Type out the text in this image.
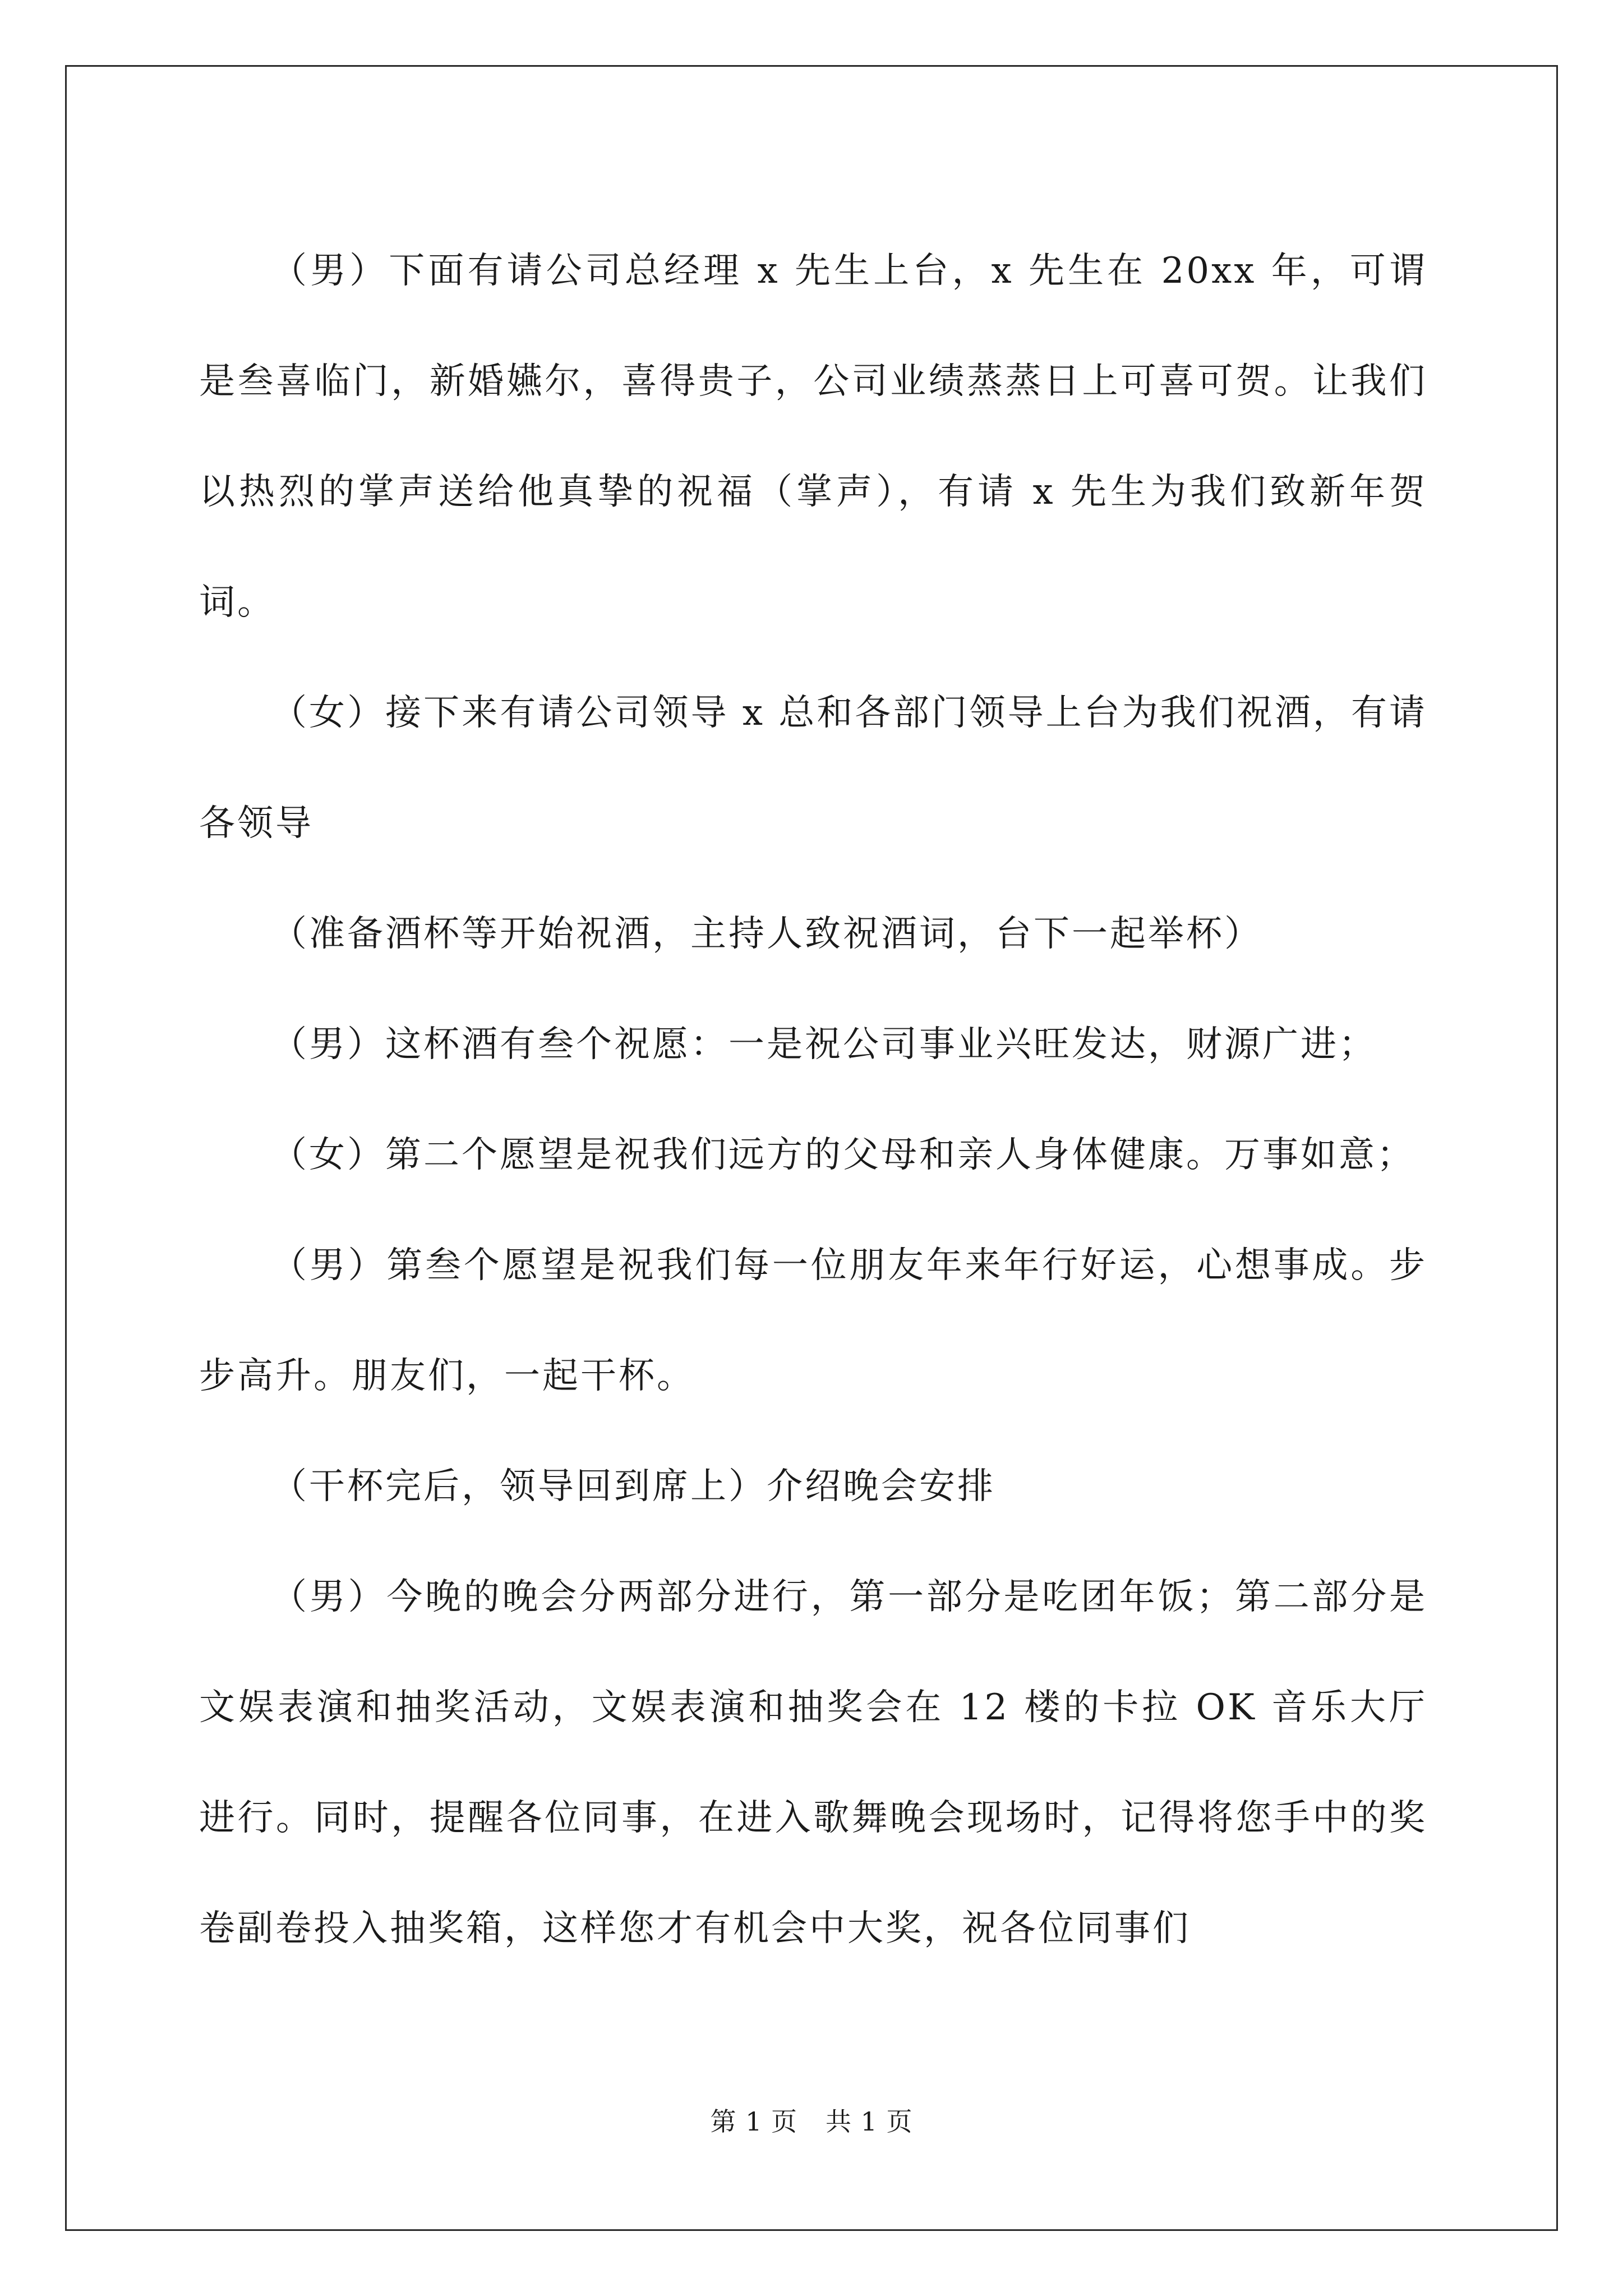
（男）下面有请公司总经理 x 先生上台，x 先生在 20xx 年，可谓是叁喜临门，新婚嬿尔，喜得贵子，公司业绩蒸蒸日上可喜可贺。让我们以热烈的掌声送给他真挚的祝福（掌声），有请 x 先生为我们致新年贺词。

（女）接下来有请公司领导 x 总和各部门领导上台为我们祝酒，有请各领导

（准备酒杯等开始祝酒，主持人致祝酒词，台下一起举杯）

（男）这杯酒有叁个祝愿：一是祝公司事业兴旺发达，财源广进；

（女）第二个愿望是祝我们远方的父母和亲人身体健康。万事如意；

（男）第叁个愿望是祝我们每一位朋友年来年行好运，心想事成。步步高升。朋友们，一起干杯。

（干杯完后，领导回到席上）介绍晚会安排

（男）今晚的晚会分两部分进行，第一部分是吃团年饭；第二部分是文娱表演和抽奖活动，文娱表演和抽奖会在 12 楼的卡拉 OK 音乐大厅进行。同时，提醒各位同事，在进入歌舞晚会现场时，记得将您手中的奖卷副卷投入抽奖箱，这样您才有机会中大奖，祝各位同事们

第 1 页 共 1 页
